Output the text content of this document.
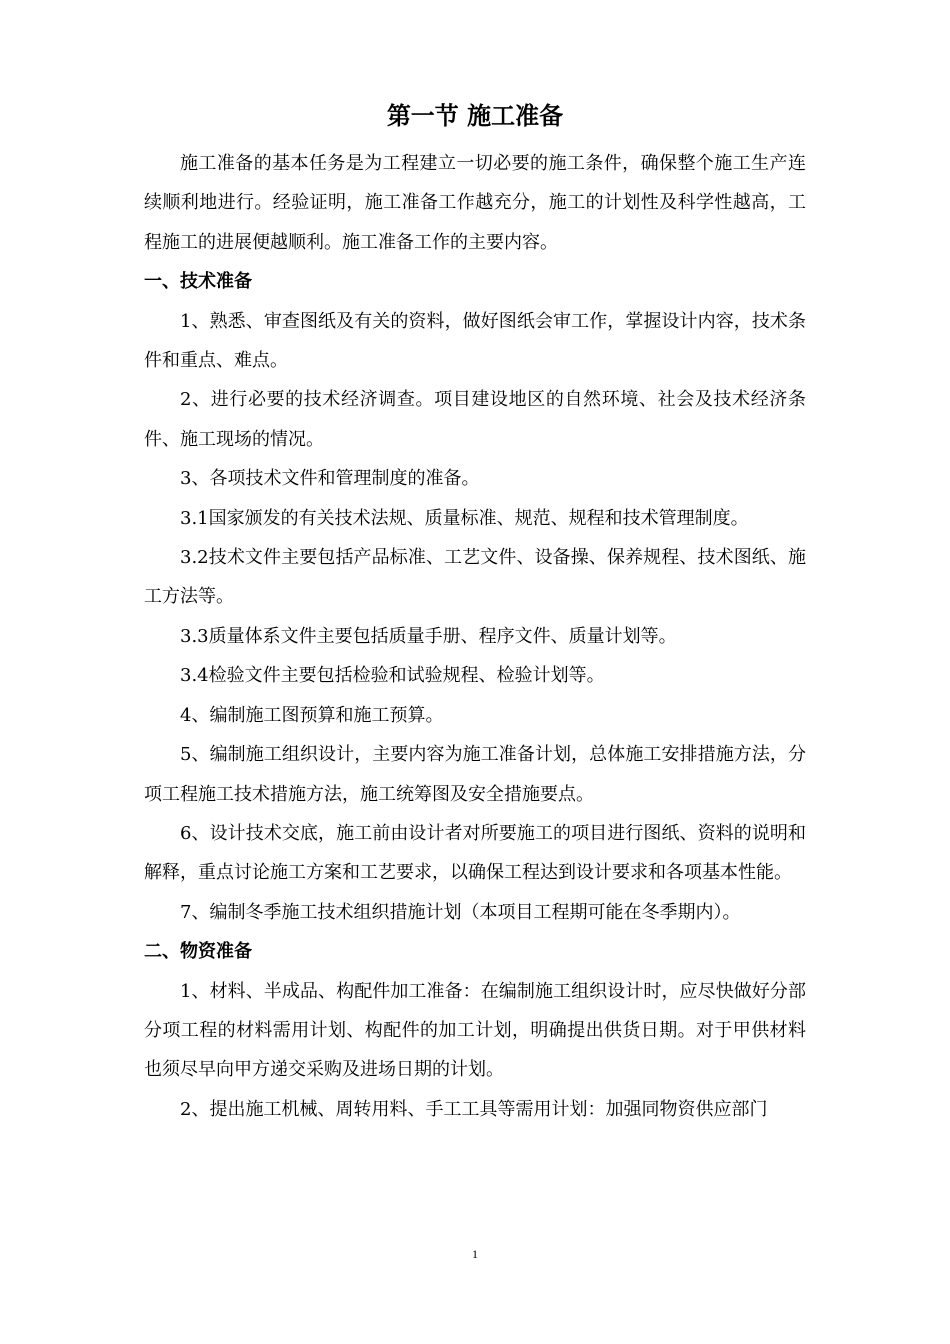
第一节 施工准备

施工准备的基本任务是为工程建立一切必要的施工条件，确保整个施工生产连续顺利地进行。经验证明，施工准备工作越充分，施工的计划性及科学性越高，工程施工的进展便越顺利。施工准备工作的主要内容。

一、技术准备

1、熟悉、审查图纸及有关的资料，做好图纸会审工作，掌握设计内容，技术条件和重点、难点。

2、进行必要的技术经济调查。项目建设地区的自然环境、社会及技术经济条件、施工现场的情况。

3、各项技术文件和管理制度的准备。

3.1国家颁发的有关技术法规、质量标准、规范、规程和技术管理制度。

3.2技术文件主要包括产品标准、工艺文件、设备操、保养规程、技术图纸、施工方法等。

3.3质量体系文件主要包括质量手册、程序文件、质量计划等。

3.4检验文件主要包括检验和试验规程、检验计划等。

4、编制施工图预算和施工预算。

5、编制施工组织设计，主要内容为施工准备计划，总体施工安排措施方法，分项工程施工技术措施方法，施工统筹图及安全措施要点。

6、设计技术交底，施工前由设计者对所要施工的项目进行图纸、资料的说明和解释，重点讨论施工方案和工艺要求，以确保工程达到设计要求和各项基本性能。

7、编制冬季施工技术组织措施计划（本项目工程期可能在冬季期内）。

二、物资准备

1、材料、半成品、构配件加工准备：在编制施工组织设计时，应尽快做好分部分项工程的材料需用计划、构配件的加工计划，明确提出供货日期。对于甲供材料也须尽早向甲方递交采购及进场日期的计划。

2、提出施工机械、周转用料、手工工具等需用计划：加强同物资供应部门

1
